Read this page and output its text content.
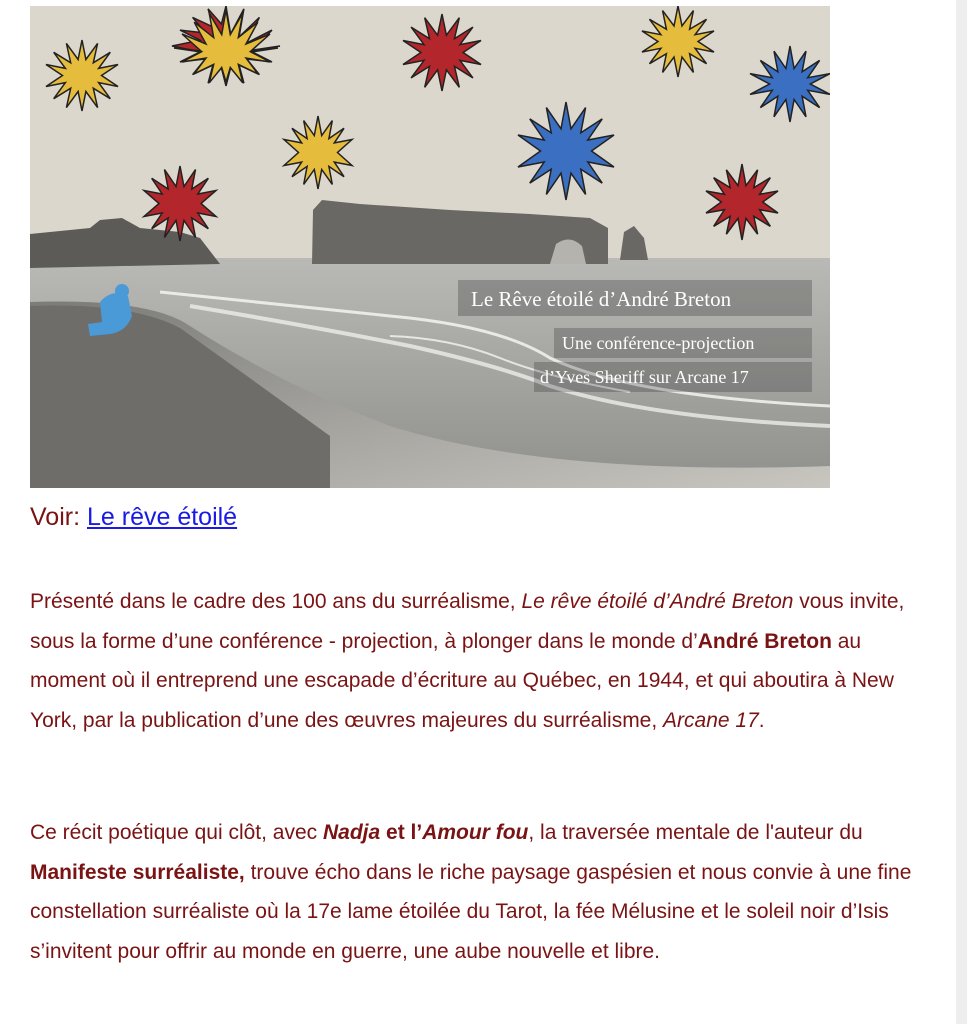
Le Rêve étoilé d’André Breton
Une conférence-projection
d’Yves Sheriff sur Arcane 17
Voir: Le rêve étoilé

Présenté dans le cadre des 100 ans du surréalisme, Le rêve étoilé d’André Breton vous invite, sous la forme d’une conférence - projection, à plonger dans le monde d’André Breton au moment où il entreprend une escapade d’écriture au Québec, en 1944, et qui aboutira à New York, par la publication d’une des œuvres majeures du surréalisme, Arcane 17.

Ce récit poétique qui clôt, avec Nadja et l’Amour fou, la traversée mentale de l'auteur du Manifeste surréaliste, trouve écho dans le riche paysage gaspésien et nous convie à une fine constellation surréaliste où la 17e lame étoilée du Tarot, la fée Mélusine et le soleil noir d’Isis s’invitent pour offrir au monde en guerre, une aube nouvelle et libre.
